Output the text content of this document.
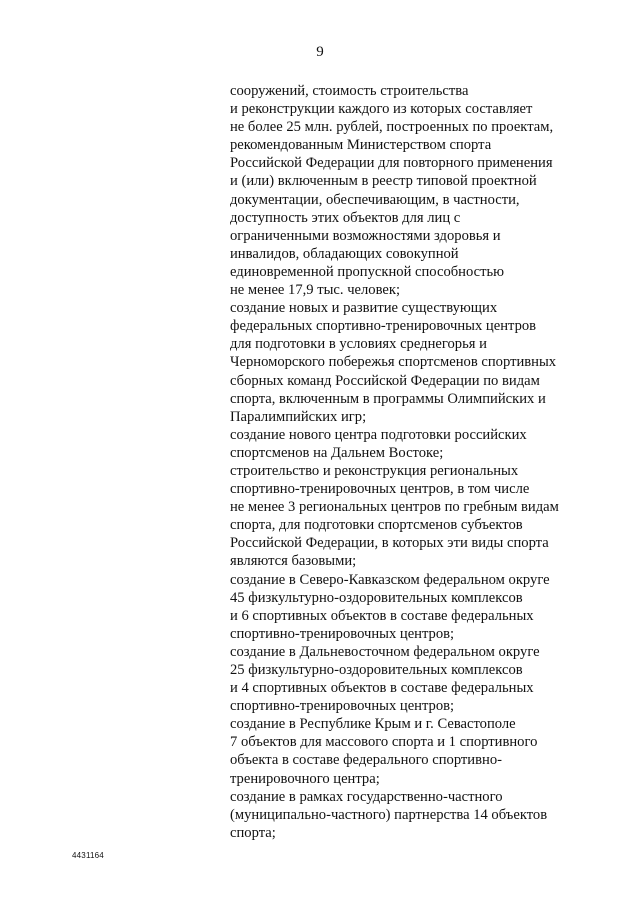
9
сооружений, стоимость строительства
и реконструкции каждого из которых составляет
не более 25 млн. рублей, построенных по проектам,
рекомендованным Министерством спорта
Российской Федерации для повторного применения
и (или) включенным в реестр типовой проектной
документации, обеспечивающим, в частности,
доступность этих объектов для лиц с
ограниченными возможностями здоровья и
инвалидов, обладающих совокупной
единовременной пропускной способностью
не менее 17,9 тыс. человек;
создание новых и развитие существующих
федеральных спортивно-тренировочных центров
для подготовки в условиях среднегорья и
Черноморского побережья спортсменов спортивных
сборных команд Российской Федерации по видам
спорта, включенным в программы Олимпийских и
Паралимпийских игр;
создание нового центра подготовки российских
спортсменов на Дальнем Востоке;
строительство и реконструкция региональных
спортивно-тренировочных центров, в том числе
не менее 3 региональных центров по гребным видам
спорта, для подготовки спортсменов субъектов
Российской Федерации, в которых эти виды спорта
являются базовыми;
создание в Северо-Кавказском федеральном округе
45 физкультурно-оздоровительных комплексов
и 6 спортивных объектов в составе федеральных
спортивно-тренировочных центров;
создание в Дальневосточном федеральном округе
25 физкультурно-оздоровительных комплексов
и 4 спортивных объектов в составе федеральных
спортивно-тренировочных центров;
создание в Республике Крым и г. Севастополе
7 объектов для массового спорта и 1 спортивного
объекта в составе федерального спортивно-
тренировочного центра;
создание в рамках государственно-частного
(муниципально-частного) партнерства 14 объектов
спорта;
4431164
